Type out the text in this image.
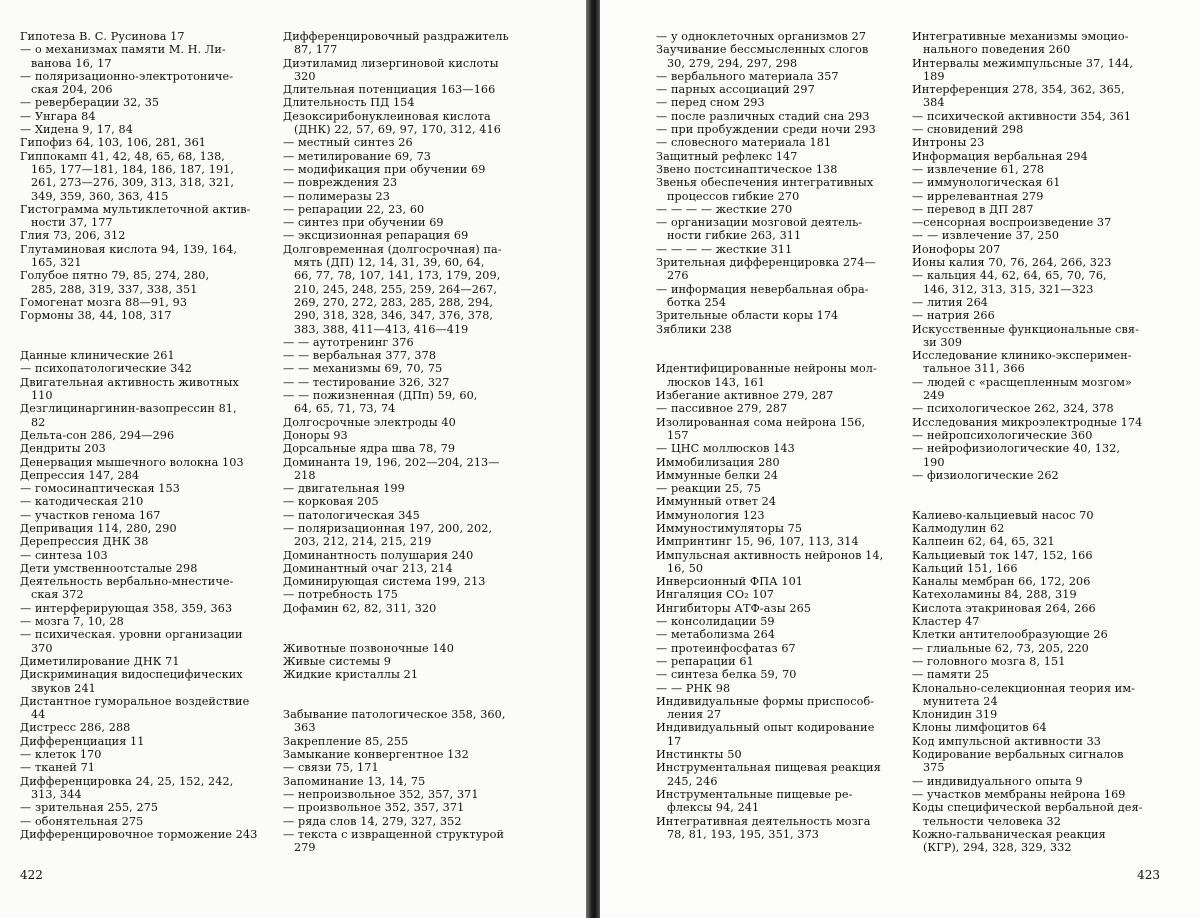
Гипотеза В. С. Русинова 17
— о механизмах памяти М. Н. Ли-
ванова 16, 17
— поляризационно-электротониче-
ская 204, 206
— реверберации 32, 35
— Унгара 84
— Хидена 9, 17, 84
Гипофиз 64, 103, 106, 281, 361
Гиппокамп 41, 42, 48, 65, 68, 138,
165, 177—181, 184, 186, 187, 191,
261, 273—276, 309, 313, 318, 321,
349, 359, 360, 363, 415
Гистограмма мультиклеточной актив-
ности 37, 177
Глия 73, 206, 312
Глутаминовая кислота 94, 139, 164,
165, 321
Голубое пятно 79, 85, 274, 280,
285, 288, 319, 337, 338, 351
Гомогенат мозга 88—91, 93
Гормоны 38, 44, 108, 317
Данные клинические 261
— психопатологические 342
Двигательная активность животных
110
Дезглицинаргинин-вазопрессин 81,
82
Дельта-сон 286, 294—296
Дендриты 203
Денервация мышечного волокна 103
Депрессия 147, 284
— гомосинаптическая 153
— катодическая 210
— участков генома 167
Депривация 114, 280, 290
Дерепрессия ДНК 38
— синтеза 103
Дети умственноотсталые 298
Деятельность вербально-мнестиче-
ская 372
— интерферирующая 358, 359, 363
— мозга 7, 10, 28
— психическая. уровни организации
370
Диметилирование ДНК 71
Дискриминация видоспецифических
звуков 241
Дистантное гуморальное воздействие
44
Дистресс 286, 288
Дифференциация 11
— клеток 170
— тканей 71
Дифференцировка 24, 25, 152, 242,
313, 344
— зрительная 255, 275
— обонятельная 275
Дифференцировочное торможение 243
Дифференцировочный раздражитель
87, 177
Диэтиламид лизергиновой кислоты
320
Длительная потенциация 163—166
Длительность ПД 154
Дезоксирибонуклеиновая кислота
(ДНК) 22, 57, 69, 97, 170, 312, 416
— местный синтез 26
— метилирование 69, 73
— модификация при обучении 69
— повреждения 23
— полимеразы 23
— репарации 22, 23, 60
— синтез при обучении 69
— эксцизионная репарация 69
Долговременная (долгосрочная) па-
мять (ДП) 12, 14, 31, 39, 60, 64,
66, 77, 78, 107, 141, 173, 179, 209,
210, 245, 248, 255, 259, 264—267,
269, 270, 272, 283, 285, 288, 294,
290, 318, 328, 346, 347, 376, 378,
383, 388, 411—413, 416—419
— — аутотренинг 376
— — вербальная 377, 378
— — механизмы 69, 70, 75
— — тестирование 326, 327
— — пожизненная (ДПп) 59, 60,
64, 65, 71, 73, 74
Долгосрочные электроды 40
Доноры 93
Дорсальные ядра шва 78, 79
Доминанта 19, 196, 202—204, 213—
218
— двигательная 199
— корковая 205
— патологическая 345
— поляризационная 197, 200, 202,
203, 212, 214, 215, 219
Доминантность полушария 240
Доминантный очаг 213, 214
Доминирующая система 199, 213
— потребность 175
Дофамин 62, 82, 311, 320
Животные позвоночные 140
Живые системы 9
Жидкие кристаллы 21
Забывание патологическое 358, 360,
363
Закрепление 85, 255
Замыкание конвергентное 132
— связи 75, 171
Запоминание 13, 14, 75
— непроизвольное 352, 357, 371
— произвольное 352, 357, 371
— ряда слов 14, 279, 327, 352
— текста с извращенной структурой
279
422
— у одноклеточных организмов 27
Заучивание бессмысленных слогов
30, 279, 294, 297, 298
— вербального материала 357
— парных ассоциаций 297
— перед сном 293
— после различных стадий сна 293
— при пробуждении среди ночи 293
— словесного материала 181
Защитный рефлекс 147
Звено постсинаптическое 138
Звенья обеспечения интегративных
процессов гибкие 270
— — — — жесткие 270
— организации мозговой деятель-
ности гибкие 263, 311
— — — — жесткие 311
Зрительная дифференцировка 274—
276
— информация невербальная обра-
ботка 254
Зрительные области коры 174
Зяблики 238
Идентифицированные нейроны мол-
люсков 143, 161
Избегание активное 279, 287
— пассивное 279, 287
Изолированная сома нейрона 156,
157
— ЦНС моллюсков 143
Иммобилизация 280
Иммунные белки 24
— реакции 25, 75
Иммунный ответ 24
Иммунология 123
Иммуностимуляторы 75
Импринтинг 15, 96, 107, 113, 314
Импульсная активность нейронов 14,
16, 50
Инверсионный ФПА 101
Ингаляция CO₂ 107
Ингибиторы АТФ-азы 265
— консолидации 59
— метаболизма 264
— протеинфосфатаз 67
— репарации 61
— синтеза белка 59, 70
— — РНК 98
Индивидуальные формы приспособ-
ления 27
Индивидуальный опыт кодирование
17
Инстинкты 50
Инструментальная пищевая реакция
245, 246
Инструментальные пищевые ре-
флексы 94, 241
Интегративная деятельность мозга
78, 81, 193, 195, 351, 373
Интегративные механизмы эмоцио-
нального поведения 260
Интервалы межимпульсные 37, 144,
189
Интерференция 278, 354, 362, 365,
384
— психической активности 354, 361
— сновидений 298
Интроны 23
Информация вербальная 294
— извлечение 61, 278
— иммунологическая 61
— иррелевантная 279
— перевод в ДП 287
—сенсорная воспроизведение 37
— — извлечение 37, 250
Ионофоры 207
Ионы калия 70, 76, 264, 266, 323
— кальция 44, 62, 64, 65, 70, 76,
146, 312, 313, 315, 321—323
— лития 264
— натрия 266
Искусственные функциональные свя-
зи 309
Исследование клинико-эксперимен-
тальное 311, 366
— людей с «расщепленным мозгом»
249
— психологическое 262, 324, 378
Исследования микроэлектродные 174
— нейропсихологические 360
— нейрофизиологические 40, 132,
190
— физиологические 262
Калиево-кальциевый насос 70
Калмодулин 62
Калпеин 62, 64, 65, 321
Кальциевый ток 147, 152, 166
Кальций 151, 166
Каналы мембран 66, 172, 206
Катехоламины 84, 288, 319
Кислота этакриновая 264, 266
Кластер 47
Клетки антителообразующие 26
— глиальные 62, 73, 205, 220
— головного мозга 8, 151
— памяти 25
Клонально-селекционная теория им-
мунитета 24
Клонидин 319
Клоны лимфоцитов 64
Код импульсной активности 33
Кодирование вербальных сигналов
375
— индивидуального опыта 9
— участков мембраны нейрона 169
Коды специфической вербальной дея-
тельности человека 32
Кожно-гальваническая реакция
(КГР), 294, 328, 329, 332
423
